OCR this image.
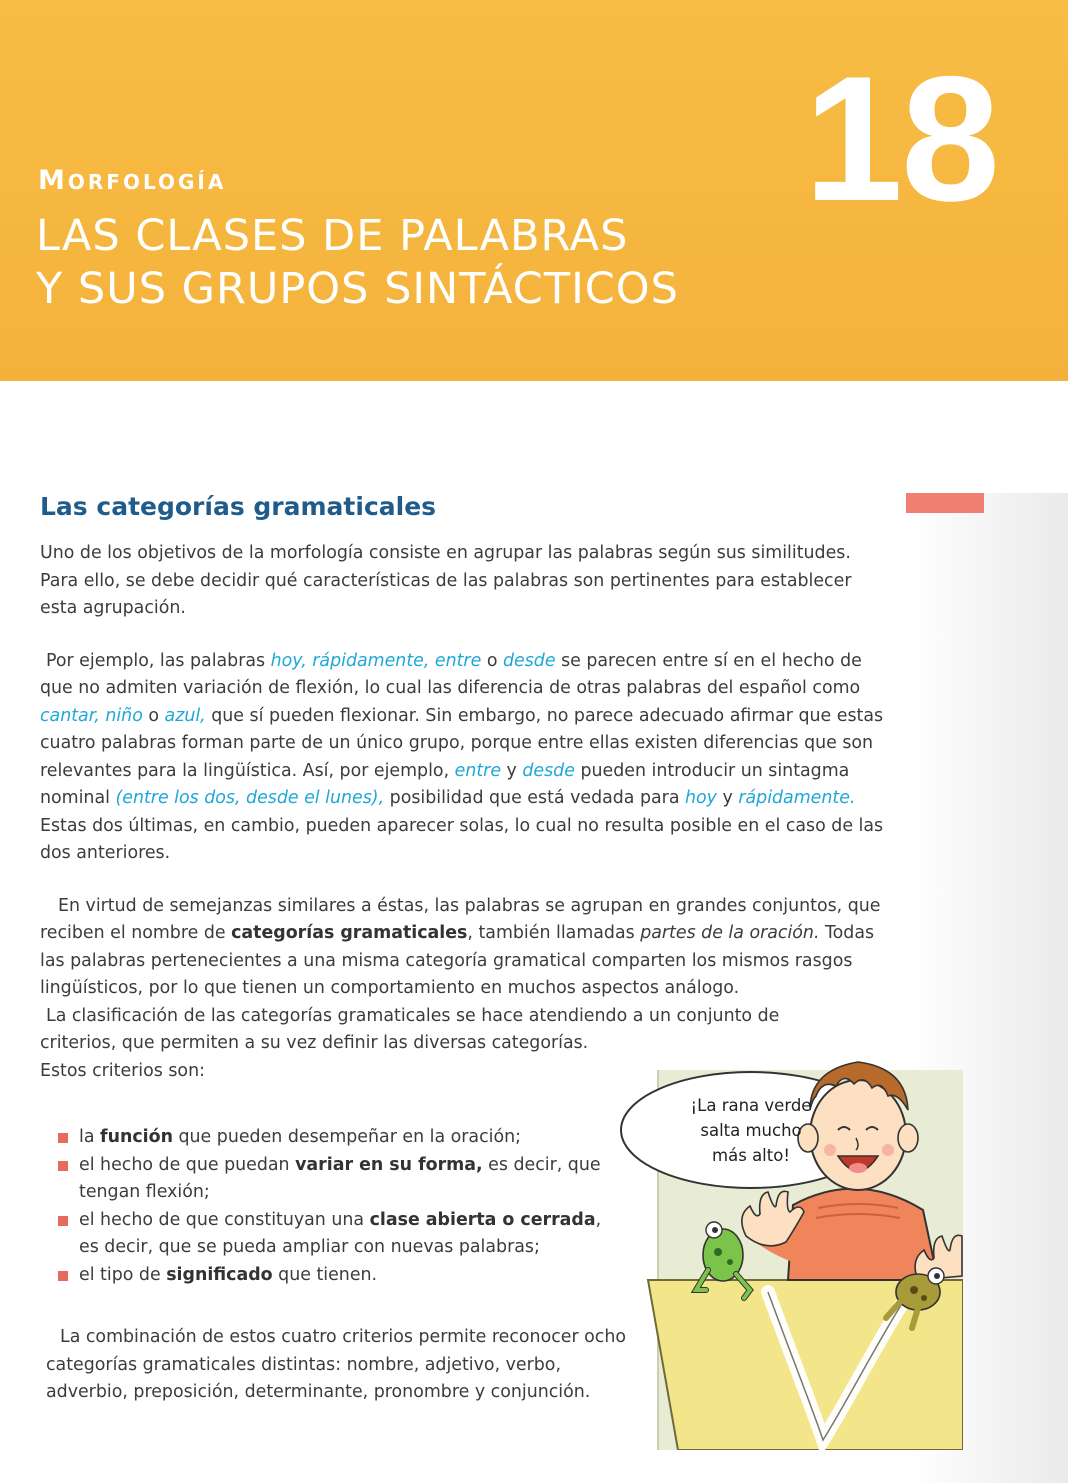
MORFOLOGÍA
LAS CLASES DE PALABRAS
Y SUS GRUPOS SINTÁCTICOS
18
Las categorías gramaticales

Uno de los objetivos de la morfología consiste en agrupar las palabras según sus similitudes. Para ello, se debe decidir qué características de las palabras son pertinentes para establecer esta agrupación.

Por ejemplo, las palabras hoy, rápidamente, entre o desde se parecen entre sí en el hecho de que no admiten variación de flexión, lo cual las diferencia de otras palabras del español como cantar, niño o azul, que sí pueden flexionar. Sin embargo, no parece adecuado afirmar que estas cuatro palabras forman parte de un único grupo, porque entre ellas existen diferencias que son relevantes para la lingüística. Así, por ejemplo, entre y desde pueden introducir un sintagma nominal (entre los dos, desde el lunes), posibilidad que está vedada para hoy y rápidamente. Estas dos últimas, en cambio, pueden aparecer solas, lo cual no resulta posible en el caso de las dos anteriores.

En virtud de semejanzas similares a éstas, las palabras se agrupan en grandes conjuntos, que reciben el nombre de categorías gramaticales, también llamadas partes de la oración. Todas las palabras pertenecientes a una misma categoría gramatical comparten los mismos rasgos lingüísticos, por lo que tienen un comportamiento en muchos aspectos análogo.

La clasificación de las categorías gramaticales se hace atendiendo a un conjunto de criterios, que permiten a su vez definir las diversas categorías.

Estos criterios son:

la función que pueden desempeñar en la oración;
el hecho de que puedan variar en su forma, es decir, que tengan flexión;
el hecho de que constituyan una clase abierta o cerrada, es decir, que se pueda ampliar con nuevas palabras;
el tipo de significado que tienen.

La combinación de estos cuatro criterios permite reconocer ocho categorías gramaticales distintas: nombre, adjetivo, verbo, adverbio, preposición, determinante, pronombre y conjunción.

¡La rana verde
salta mucho
más alto!
